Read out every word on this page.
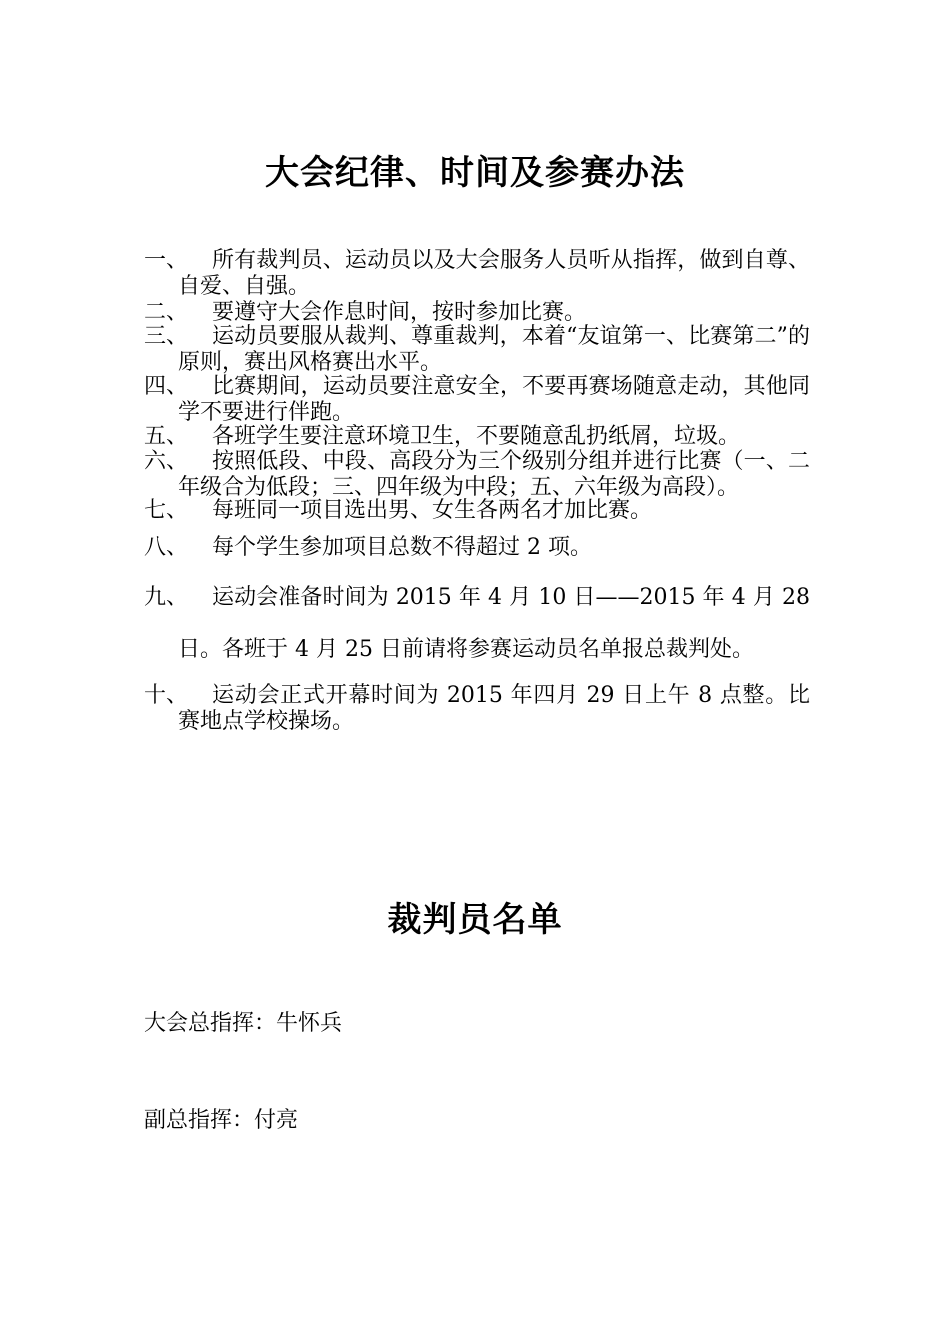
大会纪律、时间及参赛办法
一、	所有裁判员、运动员以及大会服务人员听从指挥，做到自尊、自爱、自强。
二、	要遵守大会作息时间，按时参加比赛。
三、	运动员要服从裁判、尊重裁判，本着“友谊第一、比赛第二”的原则，赛出风格赛出水平。
四、	比赛期间，运动员要注意安全，不要再赛场随意走动，其他同学不要进行伴跑。
五、	各班学生要注意环境卫生，不要随意乱扔纸屑，垃圾。
六、	按照低段、中段、高段分为三个级别分组并进行比赛（一、二年级合为低段；三、四年级为中段；五、六年级为高段）。
七、	每班同一项目选出男、女生各两名才加比赛。
八、	每个学生参加项目总数不得超过 2 项。
九、	运动会准备时间为 2015 年 4 月 10 日——2015 年 4 月 28 日。各班于 4 月 25 日前请将参赛运动员名单报总裁判处。
十、	运动会正式开幕时间为 2015 年四月 29 日上午 8 点整。比赛地点学校操场。
裁判员名单
大会总指挥：牛怀兵
副总指挥：付亮
